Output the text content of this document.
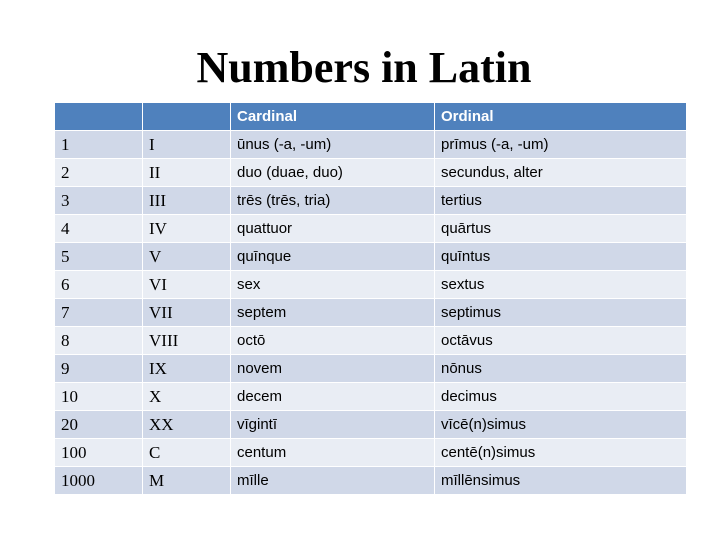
Numbers in Latin
		Cardinal	Ordinal
1	I	ūnus (-a, -um)	prīmus (-a, -um)
2	II	duo (duae, duo)	secundus, alter
3	III	trēs (trēs, tria)	tertius
4	IV	quattuor	quārtus
5	V	quīnque	quīntus
6	VI	sex	sextus
7	VII	septem	septimus
8	VIII	octō	octāvus
9	IX	novem	nōnus
10	X	decem	decimus
20	XX	vīgintī	vīcē(n)simus
100	C	centum	centē(n)simus
1000	M	mīlle	mīllēnsimus
